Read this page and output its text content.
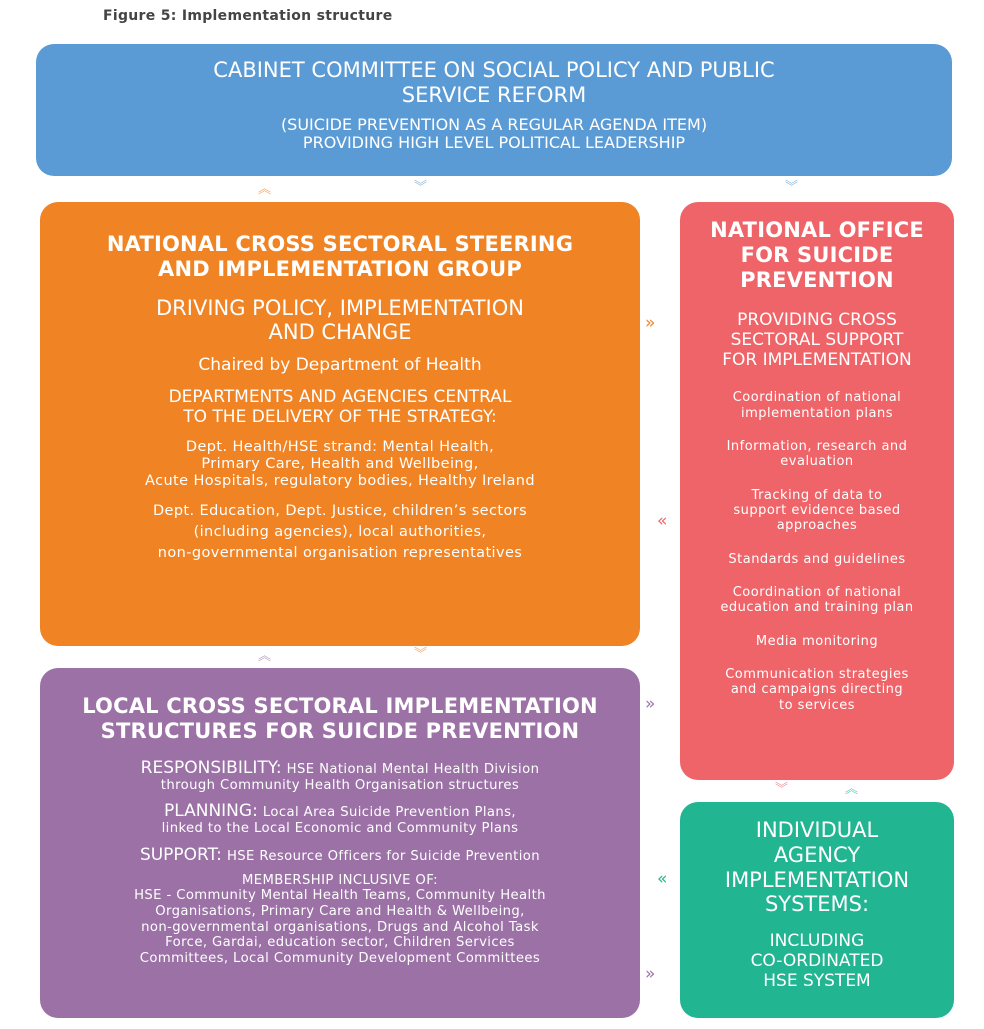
Figure 5: Implementation structure
CABINET COMMITTEE ON SOCIAL POLICY AND PUBLIC
SERVICE REFORM
(SUICIDE PREVENTION AS A REGULAR AGENDA ITEM)
PROVIDING HIGH LEVEL POLITICAL LEADERSHIP
NATIONAL CROSS SECTORAL STEERING
AND IMPLEMENTATION GROUP
DRIVING POLICY, IMPLEMENTATION
AND CHANGE
Chaired by Department of Health
DEPARTMENTS AND AGENCIES CENTRAL
TO THE DELIVERY OF THE STRATEGY:
Dept. Health/HSE strand: Mental Health,
Primary Care, Health and Wellbeing,
Acute Hospitals, regulatory bodies, Healthy Ireland
Dept. Education, Dept. Justice, children’s sectors
(including agencies), local authorities,
non-governmental organisation representatives
NATIONAL OFFICE
FOR SUICIDE
PREVENTION
PROVIDING CROSS
SECTORAL SUPPORT
FOR IMPLEMENTATION
Coordination of national
implementation plans
Information, research and
evaluation
Tracking of data to
support evidence based
approaches
Standards and guidelines
Coordination of national
education and training plan
Media monitoring
Communication strategies
and campaigns directing
to services
LOCAL CROSS SECTORAL IMPLEMENTATION
STRUCTURES FOR SUICIDE PREVENTION
RESPONSIBILITY: HSE National Mental Health Division
through Community Health Organisation structures
PLANNING: Local Area Suicide Prevention Plans,
linked to the Local Economic and Community Plans
SUPPORT: HSE Resource Officers for Suicide Prevention
MEMBERSHIP INCLUSIVE OF:
HSE - Community Mental Health Teams, Community Health
Organisations, Primary Care and Health & Wellbeing,
non-governmental organisations, Drugs and Alcohol Task
Force, Gardai, education sector, Children Services
Committees, Local Community Development Committees
INDIVIDUAL
AGENCY
IMPLEMENTATION
SYSTEMS:
INCLUDING
CO-ORDINATED
HSE SYSTEM
︽	︾	︾
»
«
︽	︾
»
︾	︽
«
»
